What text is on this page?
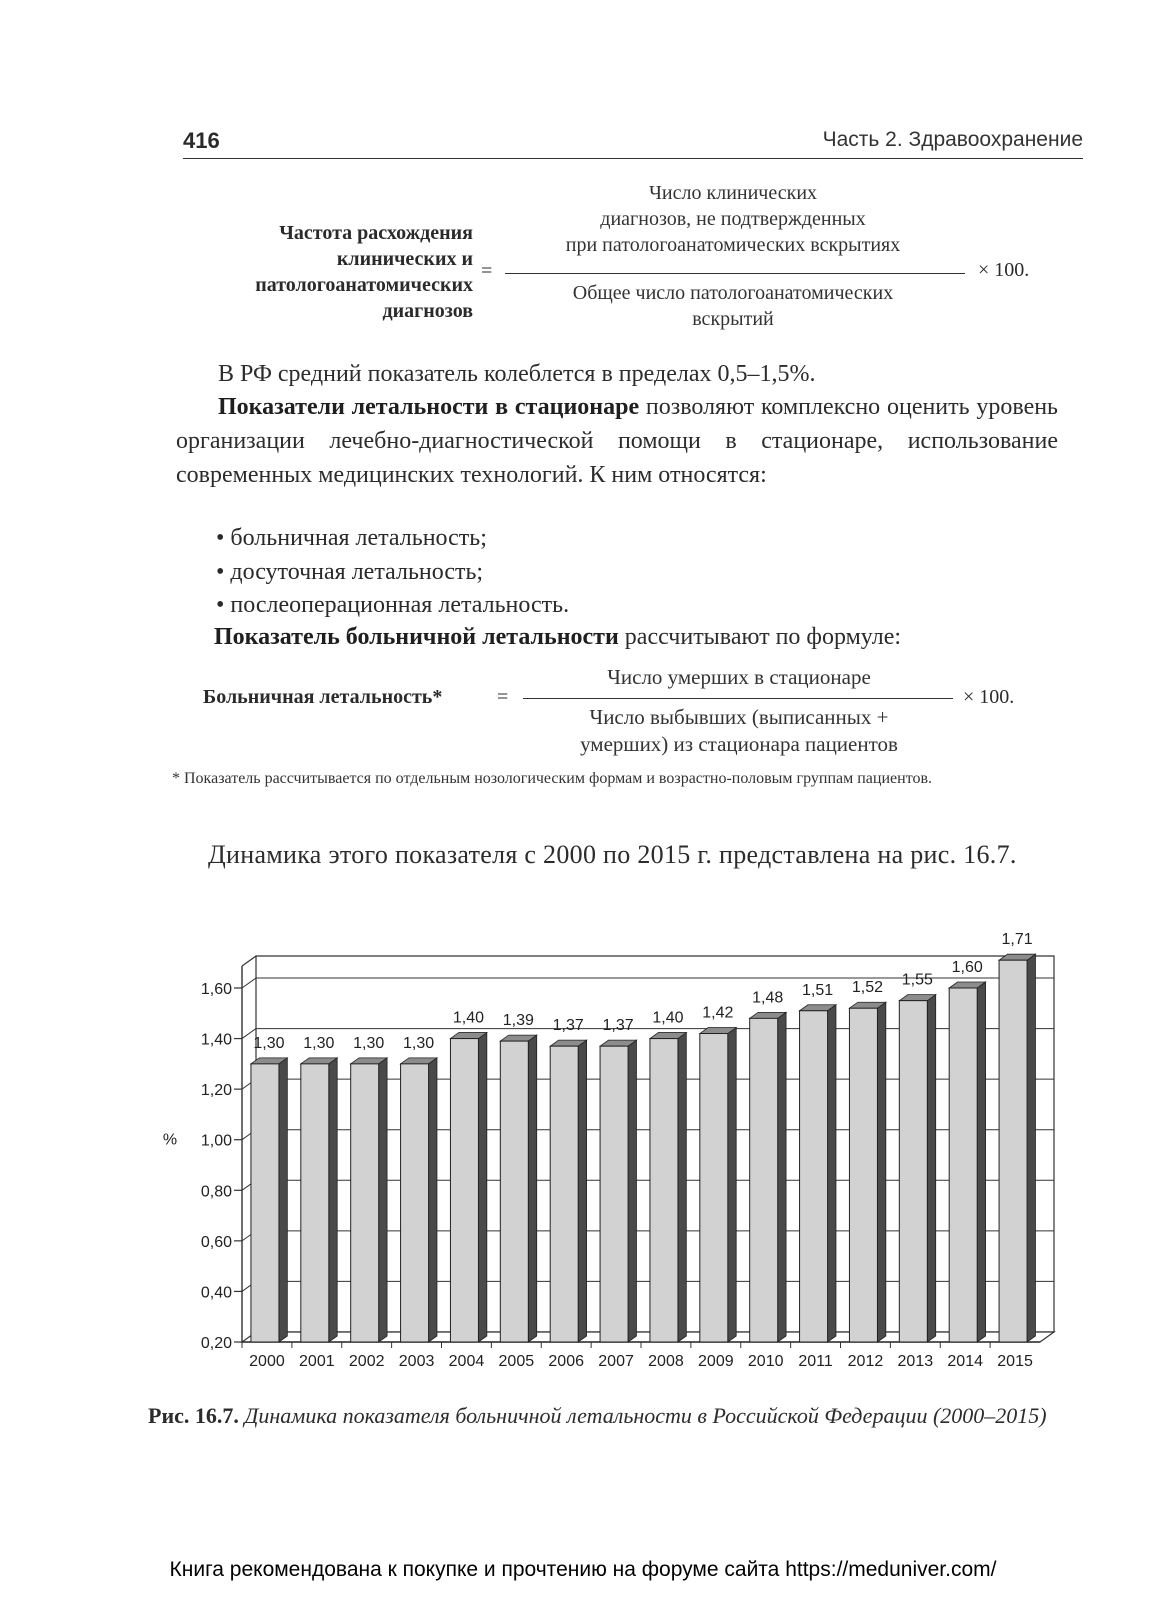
416	Часть 2. Здравоохранение
Частота расхождения
клинических и
патологоанатомических
диагнозов
=
Число клинических
диагнозов, не подтвержденных
при патологоанатомических вскрытиях
Общее число патологоанатомических
вскрытий
× 100.
В РФ средний показатель колеблется в пределах 0,5–1,5%.
Показатели летальности в стационаре позволяют комплексно оценить уровень организации лечебно-диагностической помощи в стационаре, использование современных медицинских технологий. К ним относятся:
• больничная летальность;
• досуточная летальность;
• послеоперационная летальность.
Показатель больничной летальности рассчитывают по формуле:
Больничная летальность*	=
Число умерших в стационаре
Число выбывших (выписанных +
умерших) из стационара пациентов
× 100.
* Показатель рассчитывается по отдельным нозологическим формам и возрастно-половым группам пациентов.
Динамика этого показателя с 2000 по 2015 г. представлена на рис. 16.7.
0,20
0,40
0,60
0,80
1,00
1,20
1,40
1,60
%
1,30
2000
1,30
2001
1,30
2002
1,30
2003
1,40
2004
1,39
2005
1,37
2006
1,37
2007
1,40
2008
1,42
2009
1,48
2010
1,51
2011
1,52
2012
1,55
2013
1,60
2014
1,71
2015
Рис. 16.7. Динамика показателя больничной летальности в Российской Федерации (2000–2015)
Книга рекомендована к покупке и прочтению на форуме сайта https://meduniver.com/
